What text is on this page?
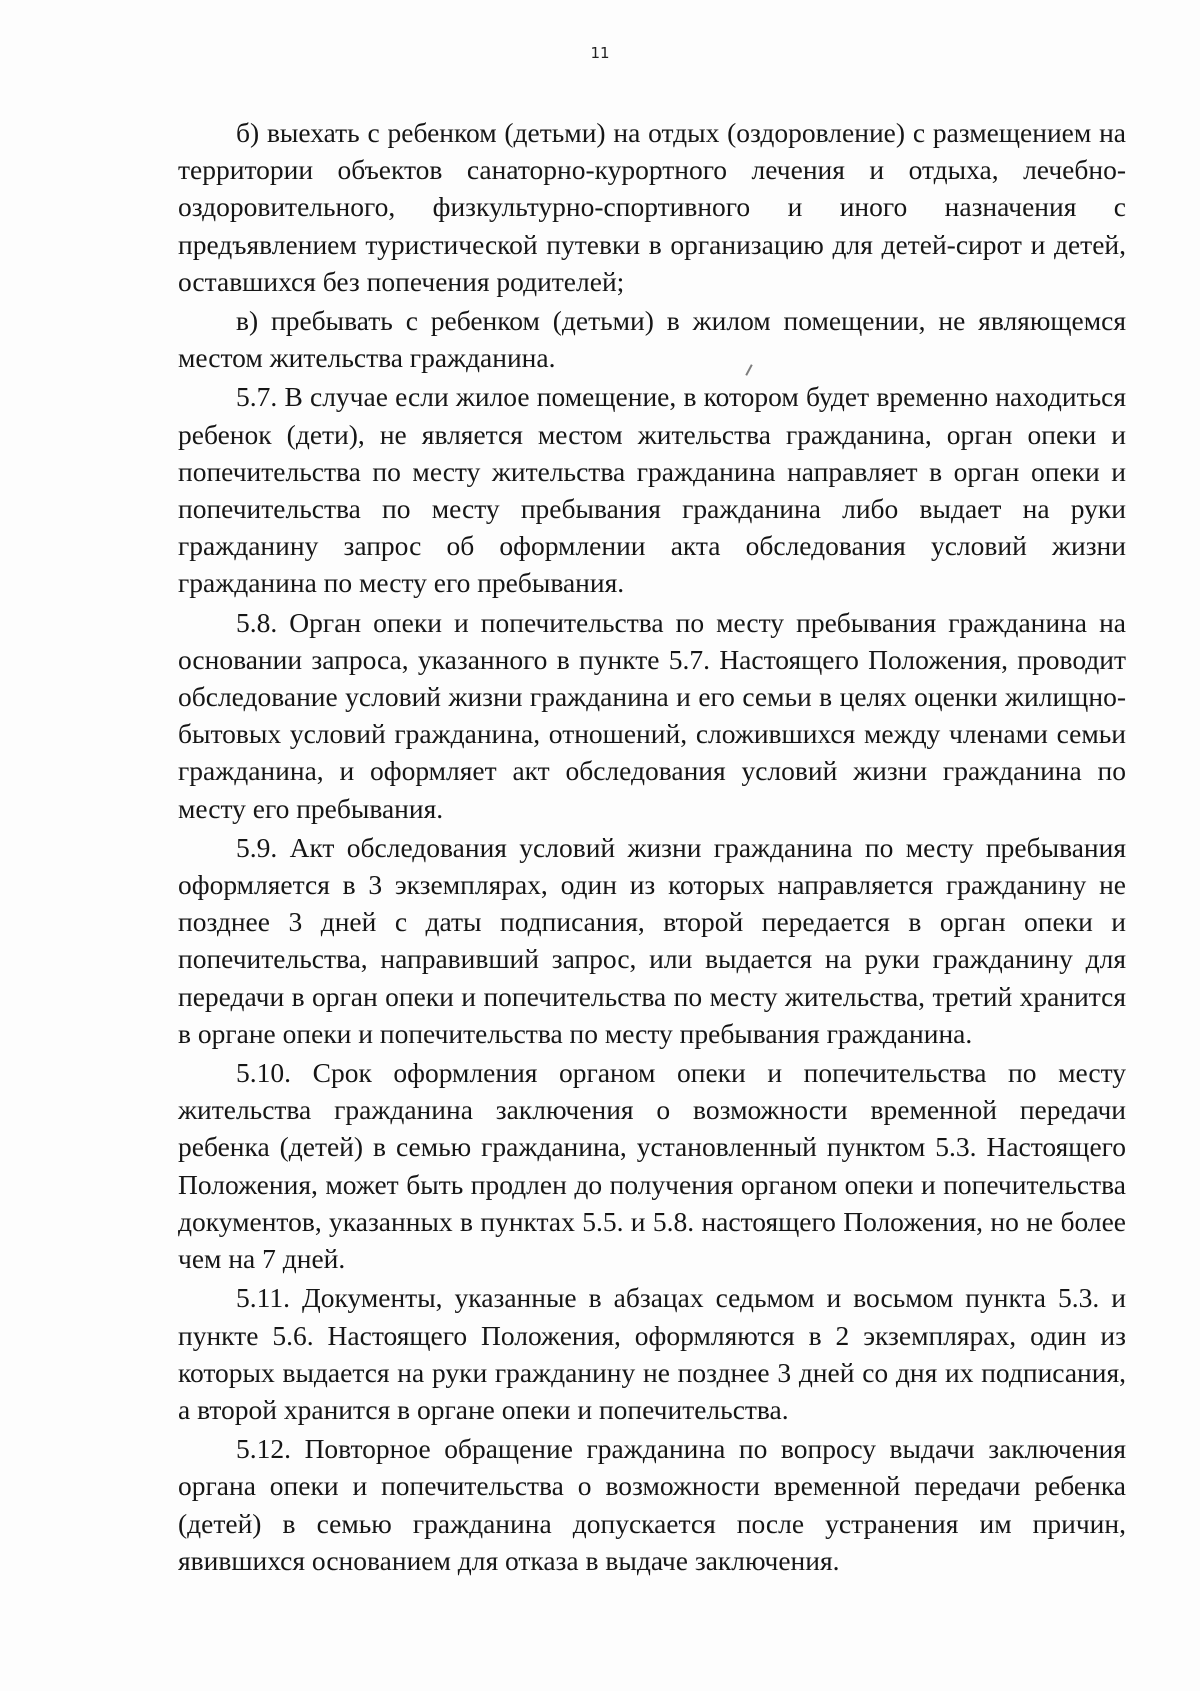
11

б) выехать с ребенком (детьми) на отдых (оздоровление) с размещением на территории объектов санаторно-курортного лечения и отдыха, лечебно-оздоровительного, физкультурно-спортивного и иного назначения с предъявлением туристической путевки в организацию для детей-сирот и детей, оставшихся без попечения родителей;

в) пребывать с ребенком (детьми) в жилом помещении, не являющемся местом жительства гражданина.

5.7. В случае если жилое помещение, в котором будет временно находиться ребенок (дети), не является местом жительства гражданина, орган опеки и попечительства по месту жительства гражданина направляет в орган опеки и попечительства по месту пребывания гражданина либо выдает на руки гражданину запрос об оформлении акта обследования условий жизни гражданина по месту его пребывания.

5.8. Орган опеки и попечительства по месту пребывания гражданина на основании запроса, указанного в пункте 5.7. Настоящего Положения, проводит обследование условий жизни гражданина и его семьи в целях оценки жилищно-бытовых условий гражданина, отношений, сложившихся между членами семьи гражданина, и оформляет акт обследования условий жизни гражданина по месту его пребывания.

5.9. Акт обследования условий жизни гражданина по месту пребывания оформляется в 3 экземплярах, один из которых направляется гражданину не позднее 3 дней с даты подписания, второй передается в орган опеки и попечительства, направивший запрос, или выдается на руки гражданину для передачи в орган опеки и попечительства по месту жительства, третий хранится в органе опеки и попечительства по месту пребывания гражданина.

5.10. Срок оформления органом опеки и попечительства по месту жительства гражданина заключения о возможности временной передачи ребенка (детей) в семью гражданина, установленный пунктом 5.3. Настоящего Положения, может быть продлен до получения органом опеки и попечительства документов, указанных в пунктах 5.5. и 5.8. настоящего Положения, но не более чем на 7 дней.

5.11. Документы, указанные в абзацах седьмом и восьмом пункта 5.3. и пункте 5.6. Настоящего Положения, оформляются в 2 экземплярах, один из которых выдается на руки гражданину не позднее 3 дней со дня их подписания, а второй хранится в органе опеки и попечительства.

5.12. Повторное обращение гражданина по вопросу выдачи заключения органа опеки и попечительства о возможности временной передачи ребенка (детей) в семью гражданина допускается после устранения им причин, явившихся основанием для отказа в выдаче заключения.
